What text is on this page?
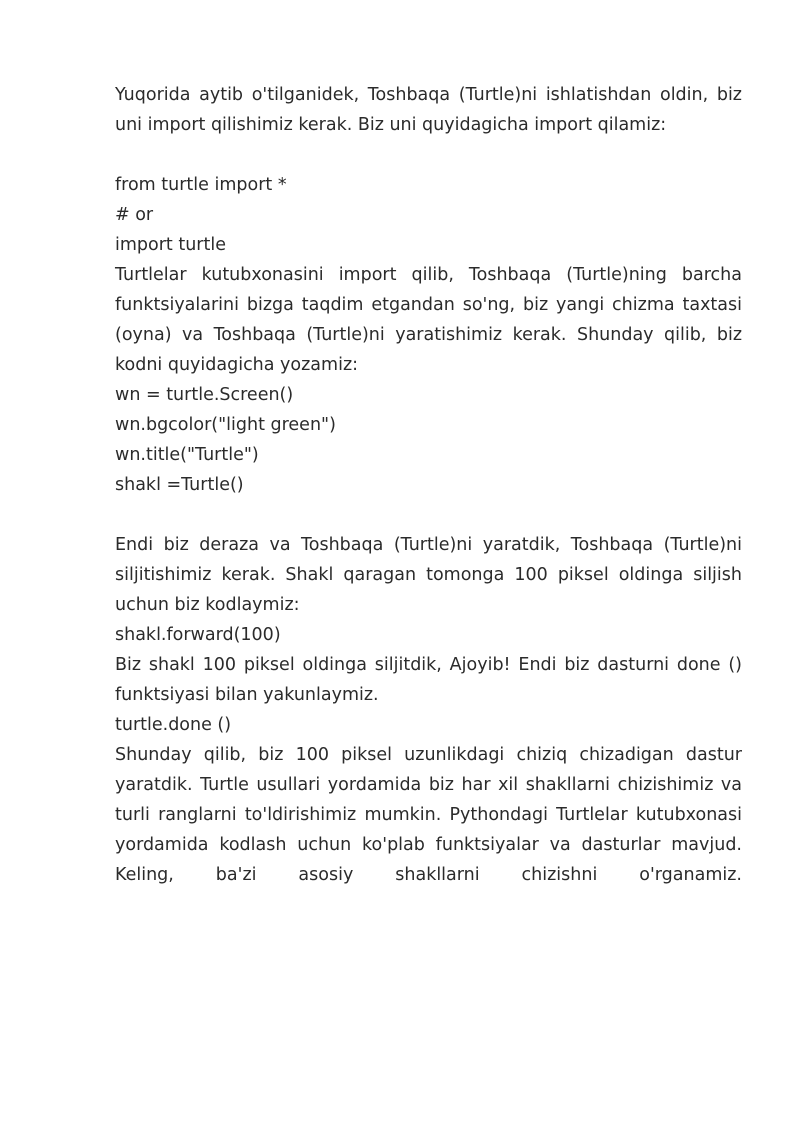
Yuqorida aytib o'tilganidek, Toshbaqa (Turtle)ni ishlatishdan oldin, biz uni import qilishimiz kerak. Biz uni quyidagicha import qilamiz:

from turtle import *

# or

import turtle

Turtlelar kutubxonasini import qilib, Toshbaqa (Turtle)ning barcha funktsiyalarini bizga taqdim etgandan so'ng, biz yangi chizma taxtasi (oyna) va Toshbaqa (Turtle)ni yaratishimiz kerak. Shunday qilib, biz kodni quyidagicha yozamiz:

wn = turtle.Screen()

wn.bgcolor("light green")

wn.title("Turtle")

shakl =Turtle()

Endi biz deraza va Toshbaqa (Turtle)ni yaratdik, Toshbaqa (Turtle)ni siljitishimiz kerak. Shakl qaragan tomonga 100 piksel oldinga siljish uchun biz kodlaymiz:

shakl.forward(100)

Biz shakl 100 piksel oldinga siljitdik, Ajoyib! Endi biz dasturni done () funktsiyasi bilan yakunlaymiz.

turtle.done ()

Shunday qilib, biz 100 piksel uzunlikdagi chiziq chizadigan dastur yaratdik. Turtle usullari yordamida biz har xil shakllarni chizishimiz va turli ranglarni to'ldirishimiz mumkin. Pythondagi Turtlelar kutubxonasi yordamida kodlash uchun ko'plab funktsiyalar va dasturlar mavjud. Keling, ba'zi asosiy shakllarni chizishni o'rganamiz.
